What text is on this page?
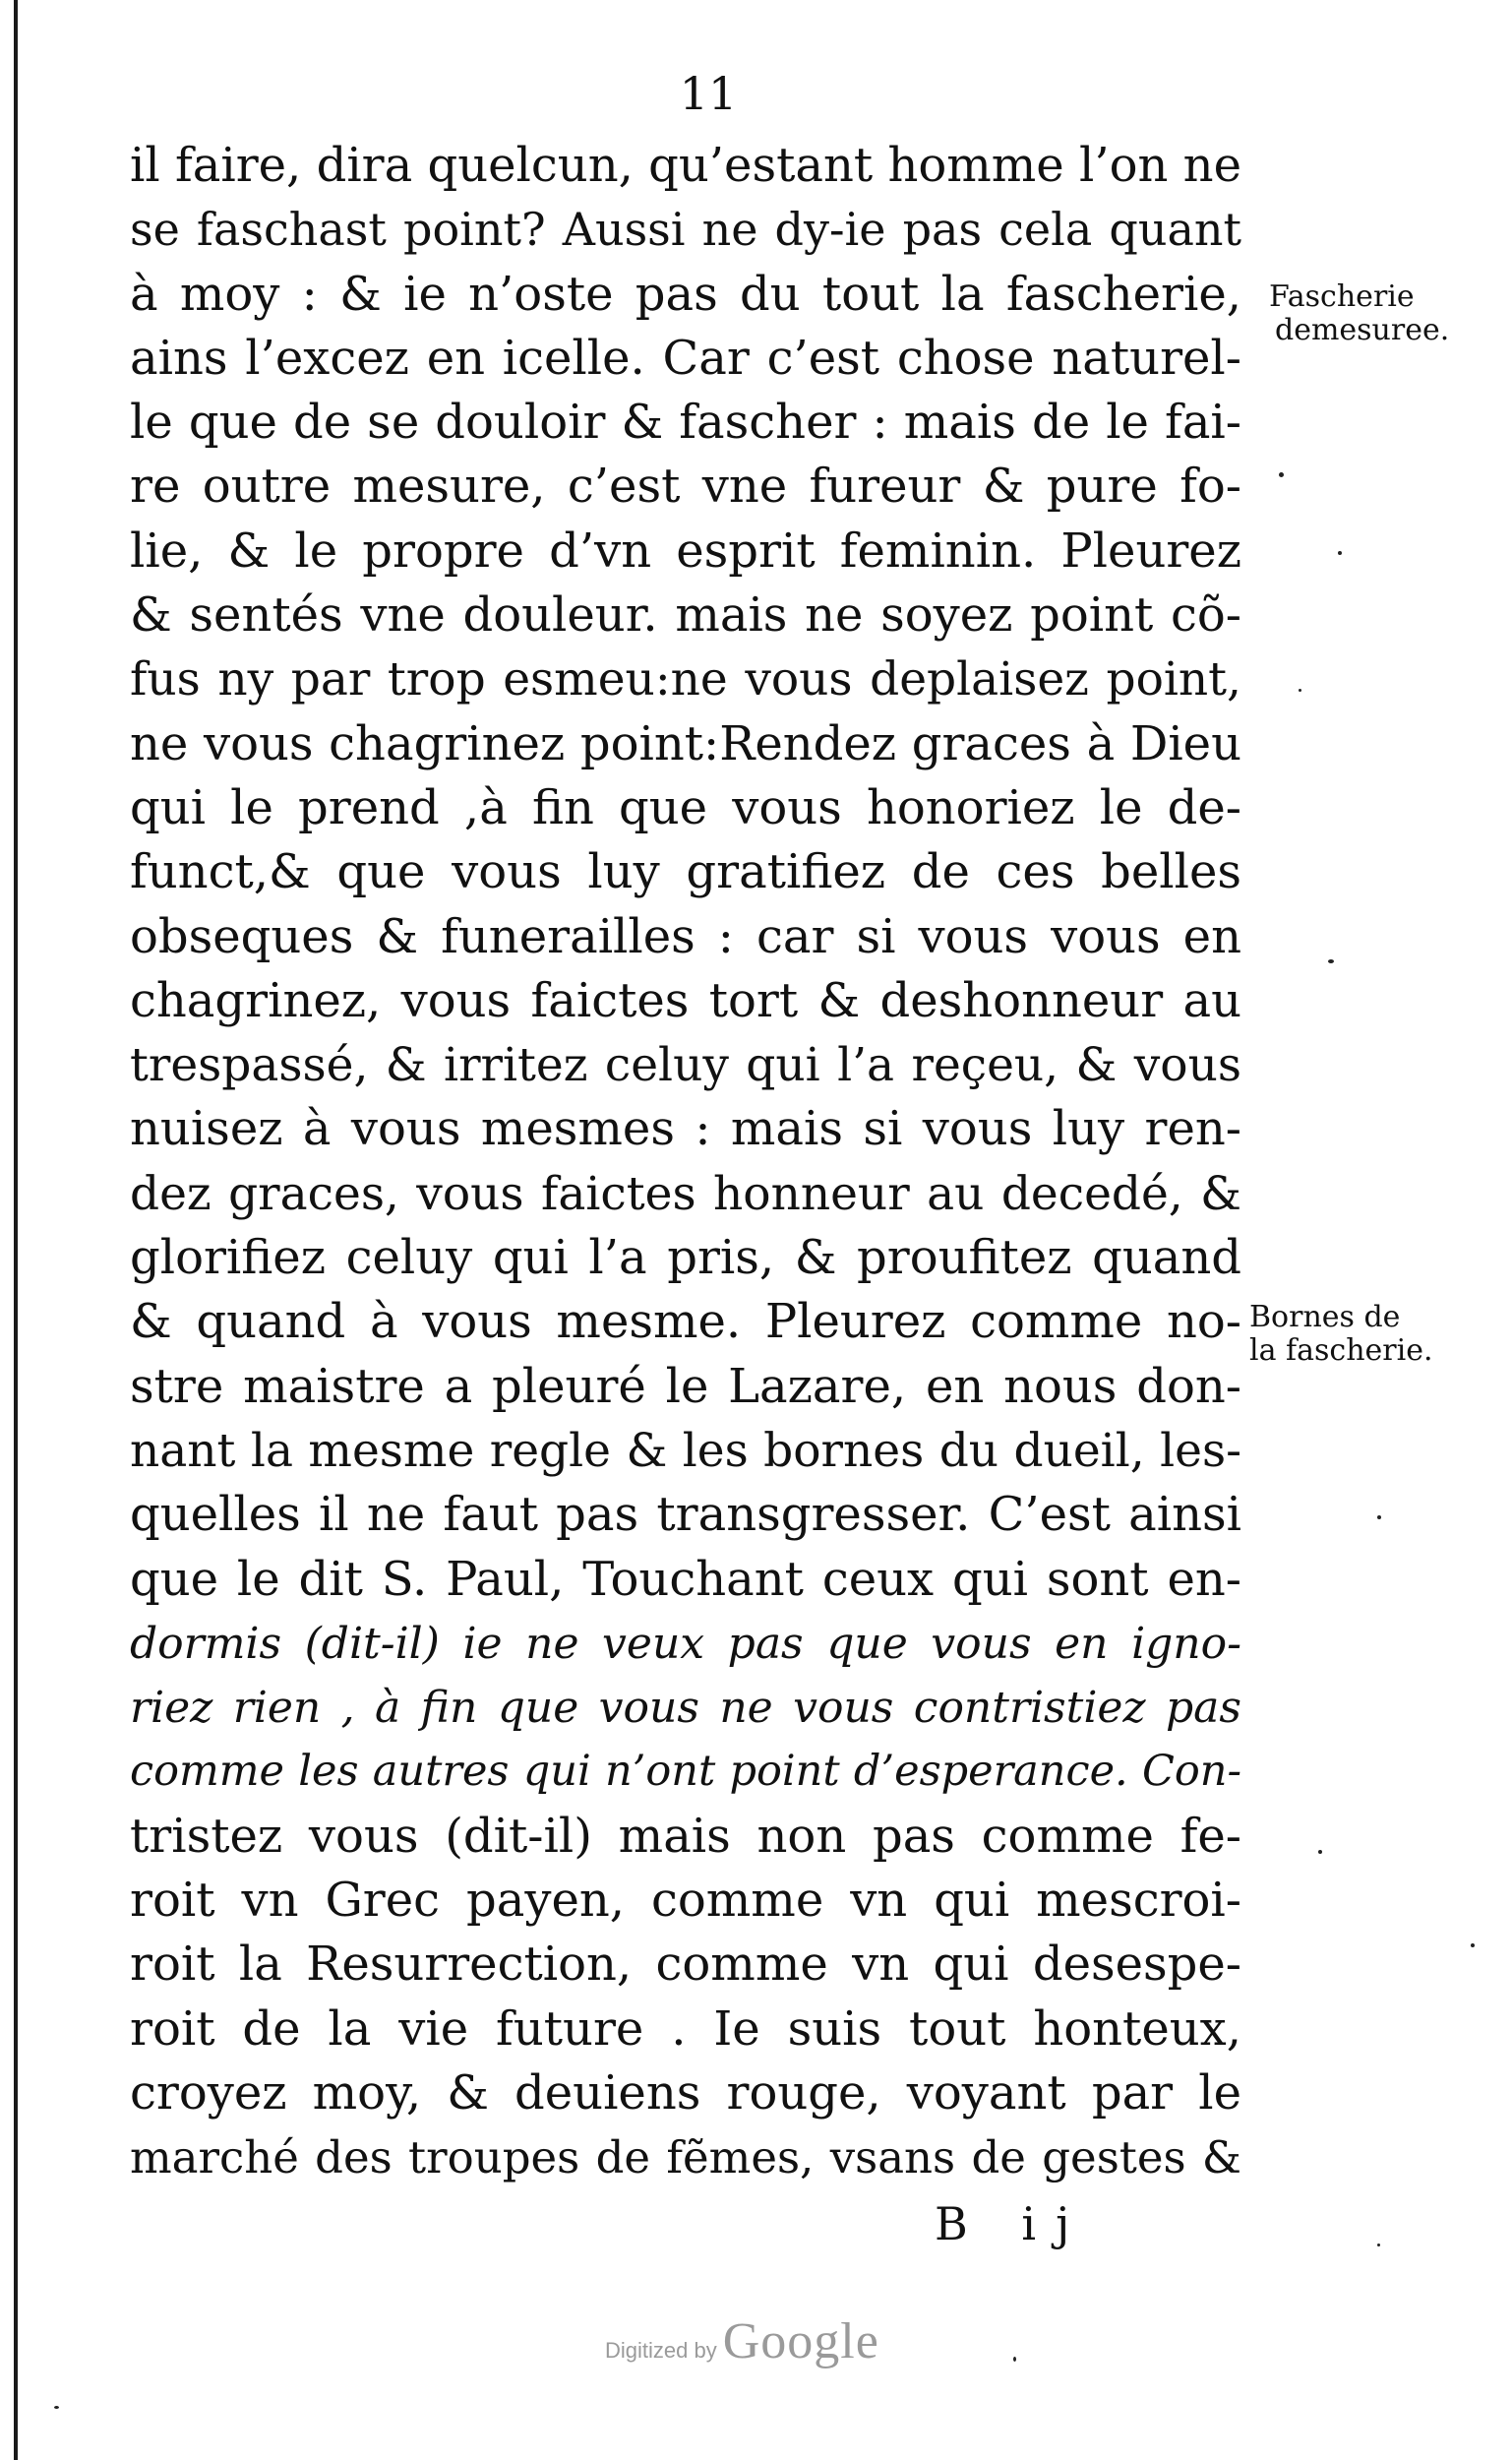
11
il faire, dira quelcun, qu’estant homme l’on ne
se faschast point? Aussi ne dy-ie pas cela quant
à moy : & ie n’oste pas du tout la fascherie,
ains l’excez en icelle. Car c’est chose naturel-
le que de se douloir & fascher : mais de le fai-
re outre mesure, c’est vne fureur & pure fo-
lie, & le propre d’vn esprit feminin. Pleurez
& sentés vne douleur. mais ne soyez point cõ-
fus ny par trop esmeu:ne vous deplaisez point,
ne vous chagrinez point:Rendez graces à Dieu
qui le prend ,à fin que vous honoriez le de-
funct,& que vous luy gratifiez de ces belles
obseques & funerailles : car si vous vous en
chagrinez, vous faictes tort & deshonneur au
trespassé, & irritez celuy qui l’a reçeu, & vous
nuisez à vous mesmes : mais si vous luy ren-
dez graces, vous faictes honneur au decedé, &
glorifiez celuy qui l’a pris, & proufitez quand
& quand à vous mesme. Pleurez comme no-
stre maistre a pleuré le Lazare, en nous don-
nant la mesme regle & les bornes du dueil, les-
quelles il ne faut pas transgresser. C’est ainsi
que le dit S. Paul, Touchant ceux qui sont en-
dormis (dit-il) ie ne veux pas que vous en igno-
riez rien , à fin que vous ne vous contristiez pas
comme les autres qui n’ont point d’esperance. Con-
tristez vous (dit-il) mais non pas comme fe-
roit vn Grec payen, comme vn qui mescroi-
roit la Resurrection, comme vn qui desespe-
roit de la vie future . Ie suis tout honteux,
croyez moy, & deuiens rouge, voyant par le
marché des troupes de fẽmes, vsans de gestes &
Fascherie
demesuree.
Bornes de
la fascherie.
B ij
Digitized by Google
